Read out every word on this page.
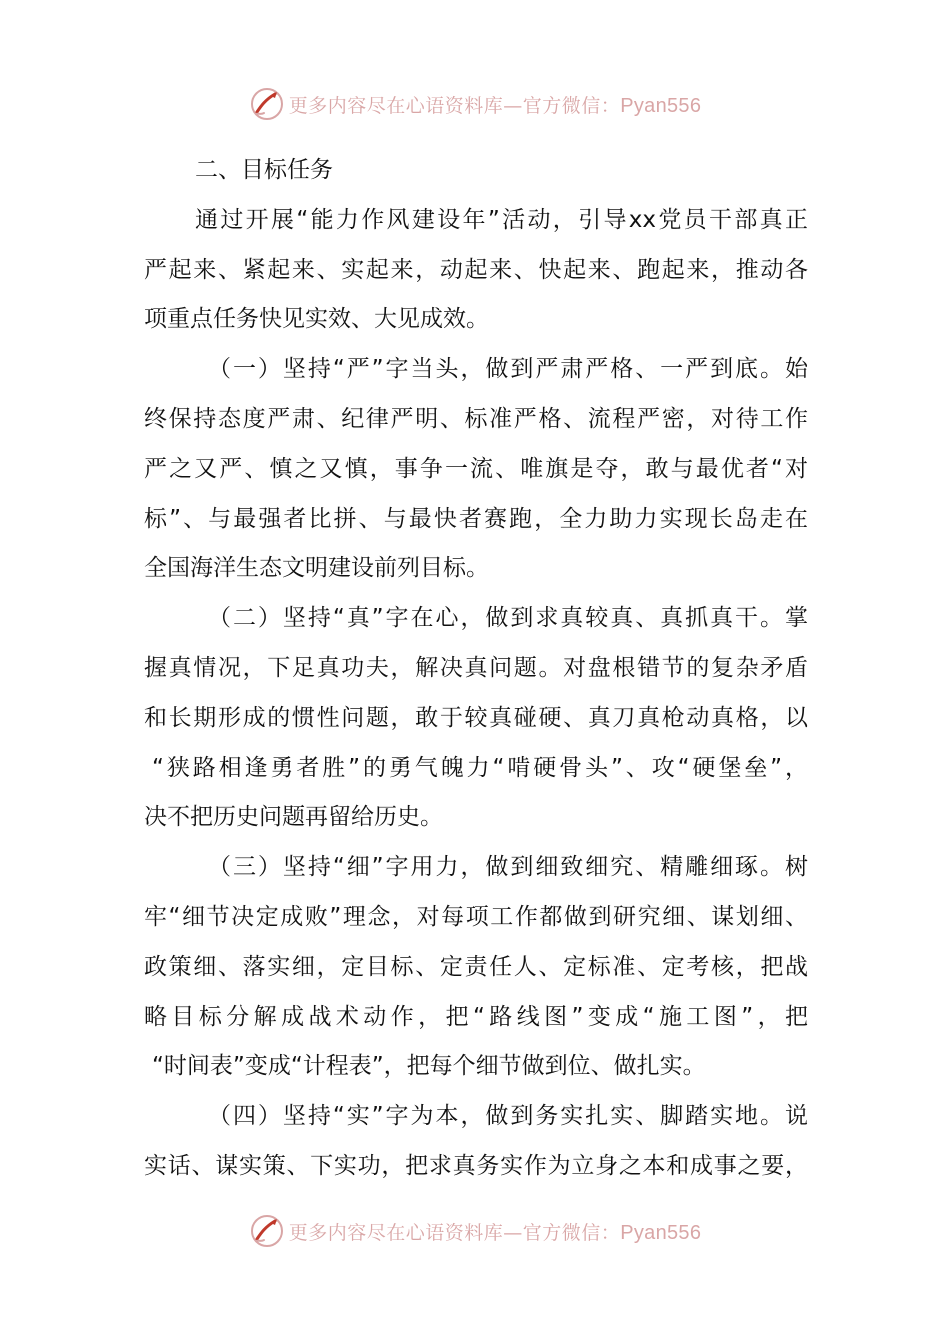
更多内容尽在心语资料库—官方微信：Pyan556
二、目标任务

通过开展“能力作风建设年”活动，引导xx党员干部真正
严起来、紧起来、实起来，动起来、快起来、跑起来，推动各
项重点任务快见实效、大见成效。

（一）坚持“严”字当头，做到严肃严格、一严到底。始
终保持态度严肃、纪律严明、标准严格、流程严密，对待工作
严之又严、慎之又慎，事争一流、唯旗是夺，敢与最优者“对
标”、与最强者比拼、与最快者赛跑，全力助力实现长岛走在
全国海洋生态文明建设前列目标。

（二）坚持“真”字在心，做到求真较真、真抓真干。掌
握真情况，下足真功夫，解决真问题。对盘根错节的复杂矛盾
和长期形成的惯性问题，敢于较真碰硬、真刀真枪动真格，以
“狭路相逢勇者胜”的勇气魄力“啃硬骨头”、攻“硬堡垒”，
决不把历史问题再留给历史。

（三）坚持“细”字用力，做到细致细究、精雕细琢。树
牢“细节决定成败”理念，对每项工作都做到研究细、谋划细、
政策细、落实细，定目标、定责任人、定标准、定考核，把战
略目标分解成战术动作，把“路线图”变成“施工图”，把
“时间表”变成“计程表”，把每个细节做到位、做扎实。

（四）坚持“实”字为本，做到务实扎实、脚踏实地。说
实话、谋实策、下实功，把求真务实作为立身之本和成事之要，

更多内容尽在心语资料库—官方微信：Pyan556
